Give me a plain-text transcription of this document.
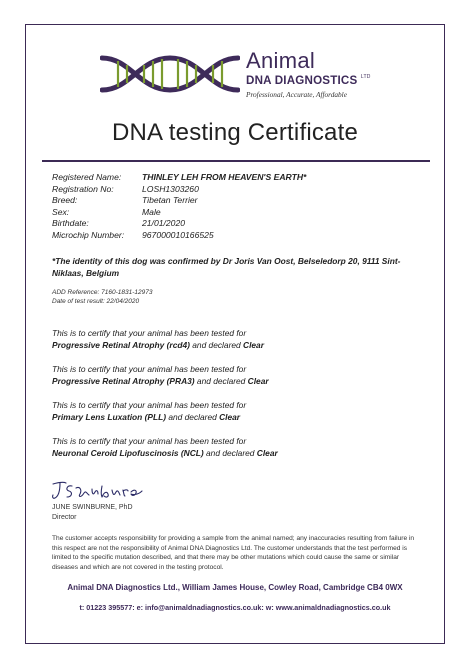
Animal
DNA DIAGNOSTICS $^{LTD}$
Professional, Accurate, Affordable
DNA testing Certificate
Registered Name:	THINLEY LEH FROM HEAVEN'S EARTH*
Registration No:	LOSH1303260
Breed:	Tibetan Terrier
Sex:	Male
Birthdate:	21/01/2020
Microchip Number:	967000010166525
*The identity of this dog was confirmed by Dr Joris Van Oost, Belseledorp 20, 9111 Sint-Niklaas, Belgium
ADD Reference: 7160-1831-12973
Date of test result: 22/04/2020
This is to certify that your animal has been tested for
Progressive Retinal Atrophy (rcd4) and declared Clear
This is to certify that your animal has been tested for
Progressive Retinal Atrophy (PRA3) and declared Clear
This is to certify that your animal has been tested for
Primary Lens Luxation (PLL) and declared Clear
This is to certify that your animal has been tested for
Neuronal Ceroid Lipofuscinosis (NCL) and declared Clear
JUNE SWINBURNE, PhD
Director
The customer accepts responsibility for providing a sample from the animal named; any inaccuracies resulting from failure in this respect are not the responsibility of Animal DNA Diagnostics Ltd. The customer understands that the test performed is limited to the specific mutation described, and that there may be other mutations which could cause the same or similar diseases and which are not covered in the testing protocol.
Animal DNA Diagnostics Ltd., William James House, Cowley Road, Cambridge CB4 0WX
t: 01223 395577: e: info@animaldnadiagnostics.co.uk: w: www.animaldnadiagnostics.co.uk
